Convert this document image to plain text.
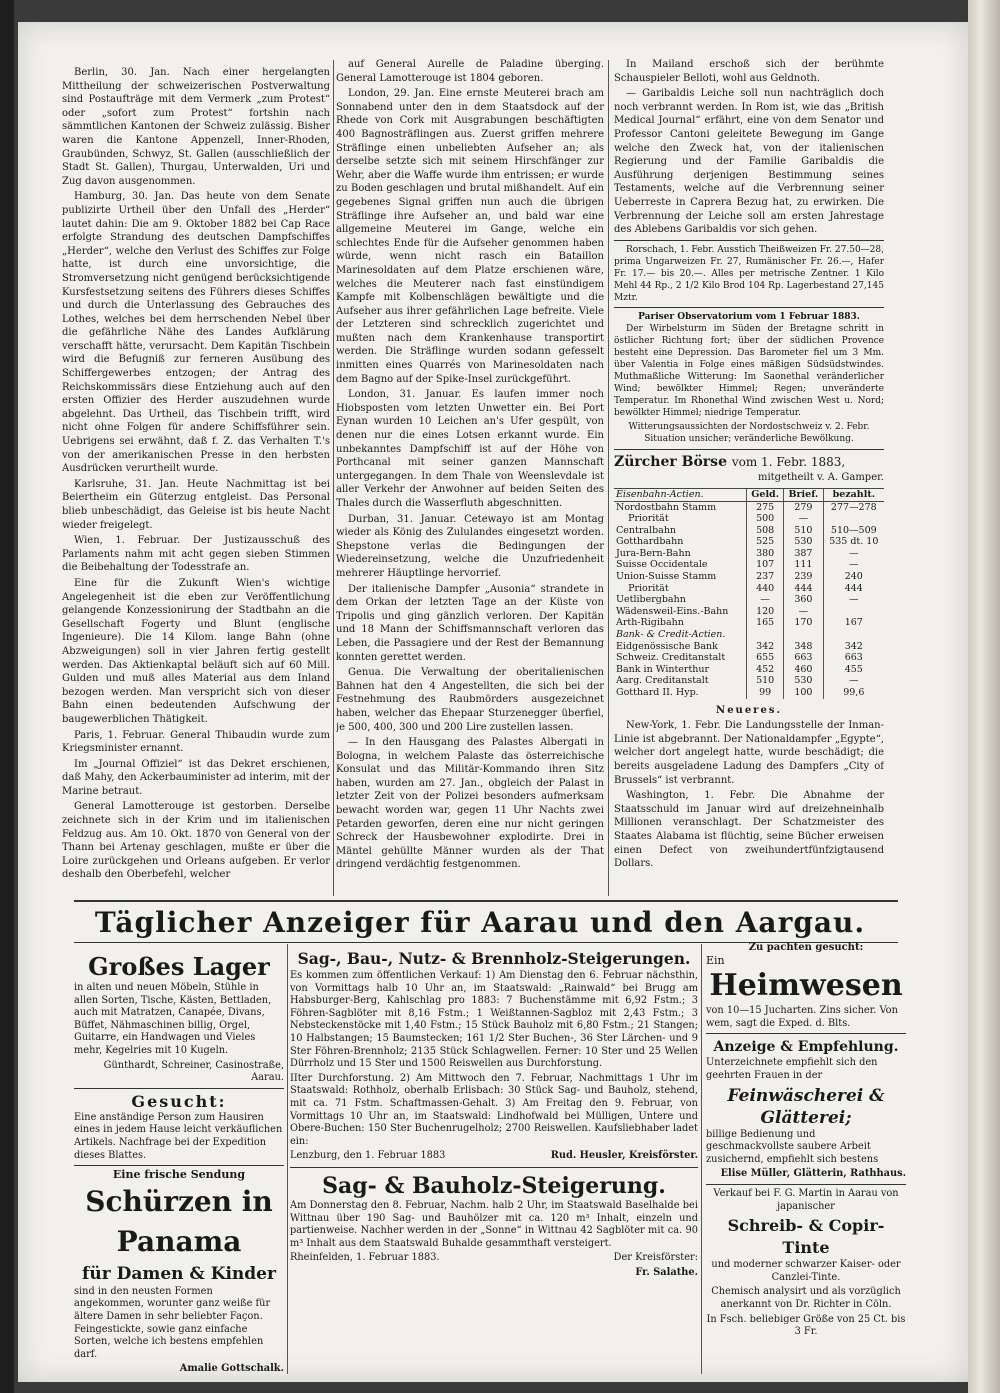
Berlin, 30. Jan. Nach einer hergelangten Mittheilung der schweizerischen Postverwaltung sind Postaufträge mit dem Vermerk „zum Protest“ oder „sofort zum Protest“ fortshin nach sämmtlichen Kantonen der Schweiz zulässig. Bisher waren die Kantone Appenzell, Inner-Rhoden, Graubünden, Schwyz, St. Gallen (ausschließlich der Stadt St. Gallen), Thurgau, Unterwalden, Uri und Zug davon ausgenommen.

Hamburg, 30. Jan. Das heute von dem Senate publizirte Urtheil über den Unfall des „Herder“ lautet dahin: Die am 9. Oktober 1882 bei Cap Race erfolgte Strandung des deutschen Dampfschiffes „Herder“, welche den Verlust des Schiffes zur Folge hatte, ist durch eine unvorsichtige, die Stromversetzung nicht genügend berücksichtigende Kursfestsetzung seitens des Führers dieses Schiffes und durch die Unterlassung des Gebrauches des Lothes, welches bei dem herrschenden Nebel über die gefährliche Nähe des Landes Aufklärung verschafft hätte, verursacht. Dem Kapitän Tischbein wird die Befugniß zur ferneren Ausübung des Schiffergewerbes entzogen; der Antrag des Reichskommissärs diese Entziehung auch auf den ersten Offizier des Herder auszudehnen wurde abgelehnt. Das Urtheil, das Tischbein trifft, wird nicht ohne Folgen für andere Schiffsführer sein. Uebrigens sei erwähnt, daß f. Z. das Verhalten T.'s von der amerikanischen Presse in den herbsten Ausdrücken verurtheilt wurde.

Karlsruhe, 31. Jan. Heute Nachmittag ist bei Beiertheim ein Güterzug entgleist. Das Personal blieb unbeschädigt, das Geleise ist bis heute Nacht wieder freigelegt.

Wien, 1. Februar. Der Justizausschuß des Parlaments nahm mit acht gegen sieben Stimmen die Beibehaltung der Todesstrafe an.

Eine für die Zukunft Wien's wichtige Angelegenheit ist die eben zur Veröffentlichung gelangende Konzessionirung der Stadtbahn an die Gesellschaft Fogerty und Blunt (englische Ingenieure). Die 14 Kilom. lange Bahn (ohne Abzweigungen) soll in vier Jahren fertig gestellt werden. Das Aktienkaptal beläuft sich auf 60 Mill. Gulden und muß alles Material aus dem Inland bezogen werden. Man verspricht sich von dieser Bahn einen bedeutenden Aufschwung der baugewerblichen Thätigkeit.

Paris, 1. Februar. General Thibaudin wurde zum Kriegsminister ernannt.

Im „Journal Offiziel“ ist das Dekret erschienen, daß Mahy, den Ackerbauminister ad interim, mit der Marine betraut.

General Lamotterouge ist gestorben. Derselbe zeichnete sich in der Krim und im italienischen Feldzug aus. Am 10. Okt. 1870 von General von der Thann bei Artenay geschlagen, mußte er über die Loire zurückgehen und Orleans aufgeben. Er verlor deshalb den Oberbefehl, welcher

auf General Aurelle de Paladine überging. General Lamotterouge ist 1804 geboren.

London, 29. Jan. Eine ernste Meuterei brach am Sonnabend unter den in dem Staatsdock auf der Rhede von Cork mit Ausgrabungen beschäftigten 400 Bagnosträflingen aus. Zuerst griffen mehrere Sträflinge einen unbeliebten Aufseher an; als derselbe setzte sich mit seinem Hirschfänger zur Wehr, aber die Waffe wurde ihm entrissen; er wurde zu Boden geschlagen und brutal mißhandelt. Auf ein gegebenes Signal griffen nun auch die übrigen Sträflinge ihre Aufseher an, und bald war eine allgemeine Meuterei im Gange, welche ein schlechtes Ende für die Aufseher genommen haben würde, wenn nicht rasch ein Bataillon Marinesoldaten auf dem Platze erschienen wäre, welches die Meuterer nach fast einstündigem Kampfe mit Kolbenschlägen bewältigte und die Aufseher aus ihrer gefährlichen Lage befreite. Viele der Letzteren sind schrecklich zugerichtet und mußten nach dem Krankenhause transportirt werden. Die Sträflinge wurden sodann gefesselt inmitten eines Quarrés von Marinesoldaten nach dem Bagno auf der Spike-Insel zurückgeführt.

London, 31. Januar. Es laufen immer noch Hiobsposten vom letzten Unwetter ein. Bei Port Eynan wurden 10 Leichen an's Ufer gespült, von denen nur die eines Lotsen erkannt wurde. Ein unbekanntes Dampfschiff ist auf der Höhe von Porthcanal mit seiner ganzen Mannschaft untergegangen. In dem Thale von Weenslevdale ist aller Verkehr der Anwohner auf beiden Seiten des Thales durch die Wasserfluth abgeschnitten.

Durban, 31. Januar. Cetewayo ist am Montag wieder als König des Zululandes eingesetzt worden. Shepstone verlas die Bedingungen der Wiedereinsetzung, welche die Unzufriedenheit mehrerer Häuptlinge hervorrief.

Der italienische Dampfer „Ausonia“ strandete in dem Orkan der letzten Tage an der Küste von Tripolis und ging gänzlich verloren. Der Kapitän und 18 Mann der Schiffsmannschaft verloren das Leben, die Passagiere und der Rest der Bemannung konnten gerettet werden.

Genua. Die Verwaltung der oberitalienischen Bahnen hat den 4 Angestellten, die sich bei der Festnehmung des Raubmörders ausgezeichnet haben, welcher das Ehepaar Sturzenegger überfiel, je 500, 400, 300 und 200 Lire zustellen lassen.

— In den Hausgang des Palastes Albergati in Bologna, in welchem Palaste das österreichische Konsulat und das Militär-Kommando ihren Sitz haben, wurden am 27. Jan., obgleich der Palast in letzter Zeit von der Polizei besonders aufmerksam bewacht worden war, gegen 11 Uhr Nachts zwei Petarden geworfen, deren eine nur nicht geringen Schreck der Hausbewohner explodirte. Drei in Mäntel gehüllte Männer wurden als der That dringend verdächtig festgenommen.

In Mailand erschoß sich der berühmte Schauspieler Belloti, wohl aus Geldnoth.

— Garibaldis Leiche soll nun nachträglich doch noch verbrannt werden. In Rom ist, wie das „British Medical Journal“ erfährt, eine von dem Senator und Professor Cantoni geleitete Bewegung im Gange welche den Zweck hat, von der italienischen Regierung und der Familie Garibaldis die Ausführung derjenigen Bestimmung seines Testaments, welche auf die Verbrennung seiner Ueberreste in Caprera Bezug hat, zu erwirken. Die Verbrennung der Leiche soll am ersten Jahrestage des Ablebens Garibaldis vor sich gehen.

Rorschach, 1. Febr. Ausstich Theißweizen Fr. 27.50—28, prima Ungarweizen Fr. 27, Rumänischer Fr. 26.—, Hafer Fr. 17.— bis 20.—. Alles per metrische Zentner. 1 Kilo Mehl 44 Rp., 2 1/2 Kilo Brod 104 Rp. Lagerbestand 27,145 Mztr.

Pariser Observatorium vom 1 Februar 1883.

Der Wirbelsturm im Süden der Bretagne schritt in östlicher Richtung fort; über der südlichen Provence besteht eine Depression. Das Barometer fiel um 3 Mm. über Valentia in Folge eines mäßigen Südsüdstwindes. Muthmaßliche Witterung: Im Saonethal veränderlicher Wind; bewölkter Himmel; Regen; unveränderte Temperatur. Im Rhonethal Wind zwischen West u. Nord; bewölkter Himmel; niedrige Temperatur.

Witterungsaussichten der Nordostschweiz v. 2. Febr. Situation unsicher; veränderliche Bewölkung.
Zürcher Börse vom 1. Febr. 1883,
mitgetheilt v. A. Gamper.
Eisenbahn-Actien.	Geld.	Brief.	bezahlt.
Nordostbahn Stamm	275	279	277—278
Priorität	500	—	
Centralbahn	508	510	510—509
Gotthardbahn	525	530	535 dt. 10
Jura-Bern-Bahn	380	387	—
Suisse Occidentale	107	111	—
Union-Suisse Stamm	237	239	240
Priorität	440	444	444
Uetlibergbahn	—	360	—
Wädensweil-Eins.-Bahn	120	—	
Arth-Rigibahn	165	170	167
Bank- & Credit-Actien.			
Eidgenössische Bank	342	348	342
Schweiz. Creditanstalt	655	663	663
Bank in Winterthur	452	460	455
Aarg. Creditanstalt	510	530	—
Gotthard II. Hyp.	99	100	99,6
Neueres.

New-York, 1. Febr. Die Landungsstelle der Inman-Linie ist abgebrannt. Der Nationaldampfer „Egypte“, welcher dort angelegt hatte, wurde beschädigt; die bereits ausgeladene Ladung des Dampfers „City of Brussels“ ist verbrannt.

Washington, 1. Febr. Die Abnahme der Staatsschuld im Januar wird auf dreizehneinhalb Millionen veranschlagt. Der Schatzmeister des Staates Alabama ist flüchtig, seine Bücher erweisen einen Defect von zweihundertfünfzigtausend Dollars.

Täglicher Anzeiger für Aarau und den Aargau.
Großes Lager

in alten und neuen Möbeln, Stühle in allen Sorten, Tische, Kästen, Bettladen, auch mit Matratzen, Canapée, Divans, Büffet, Nähmaschinen billig, Orgel, Guitarre, ein Handwagen und Vieles mehr, Kegelries mit 10 Kugeln.

Günthardt, Schreiner, Casinostraße, Aarau.

Gesucht:

Eine anständige Person zum Hausiren eines in jedem Hause leicht verkäuflichen Artikels. Nachfrage bei der Expedition dieses Blattes.

Eine frische Sendung
Schürzen in Panama
für Damen & Kinder

sind in den neusten Formen angekommen, worunter ganz weiße für ältere Damen in sehr beliebter Façon. Feingestickte, sowie ganz einfache Sorten, welche ich bestens empfehlen darf.

Amalie Gottschalk.

Sag-, Bau-, Nutz- & Brennholz-Steigerungen.

Es kommen zum öffentlichen Verkauf: 1) Am Dienstag den 6. Februar nächsthin, von Vormittags halb 10 Uhr an, im Staatswald: „Rainwald“ bei Brugg am Habsburger-Berg, Kahlschlag pro 1883: 7 Buchenstämme mit 6,92 Fstm.; 3 Föhren-Sagblöter mit 8,16 Fstm.; 1 Weißtannen-Sagbloz mit 2,43 Fstm.; 3 Nebsteckenstöcke mit 1,40 Fstm.; 15 Stück Bauholz mit 6,80 Fstm.; 21 Stangen; 10 Halbstangen; 15 Baumstecken; 161 1/2 Ster Buchen-, 36 Ster Lärchen- und 9 Ster Föhren-Brennholz; 2135 Stück Schlagwellen. Ferner: 10 Ster und 25 Wellen Dürrholz und 15 Ster und 1500 Reiswellen aus Durchforstung.

IIter Durchforstung. 2) Am Mittwoch den 7. Februar, Nachmittags 1 Uhr im Staatswald: Rothholz, oberhalb Erlisbach: 30 Stück Sag- und Bauholz, stehend, mit ca. 71 Fstm. Schaftmassen-Gehalt. 3) Am Freitag den 9. Februar, von Vormittags 10 Uhr an, im Staatswald: Lindhofwald bei Mülligen, Untere und Obere-Buchen: 150 Ster Buchenrugelholz; 2700 Reiswellen. Kaufsliebhaber ladet ein:

Lenzburg, den 1. Februar 1883	Rud. Heusler, Kreisförster.

Sag- & Bauholz-Steigerung.

Am Donnerstag den 8. Februar, Nachm. halb 2 Uhr, im Staatswald Baselhalde bei Wittnau über 190 Sag- und Bauhölzer mit ca. 120 m³ Inhalt, einzeln und partienweise. Nachher werden in der „Sonne“ in Wittnau 42 Sagblöter mit ca. 90 m³ Inhalt aus dem Staatswald Buhalde gesammthaft versteigert.

Rheinfelden, 1. Februar 1883.	Der Kreisförster:

Fr. Salathe.

Zu pachten gesucht:
Ein
Heimwesen

von 10—15 Jucharten. Zins sicher. Von wem, sagt die Exped. d. Blts.

Anzeige & Empfehlung.

Unterzeichnete empfiehlt sich den geehrten Frauen in der

Feinwäscherei & Glätterei;

billige Bedienung und geschmackvollste saubere Arbeit zusichernd, empfiehlt sich bestens

Elise Müller, Glätterin, Rathhaus.

Verkauf bei F. G. Martin in Aarau von japanischer

Schreib- & Copir-Tinte

und moderner schwarzer Kaiser- oder Canzlei-Tinte.

Chemisch analysirt und als vorzüglich anerkannt von Dr. Richter in Cöln.

In Fsch. beliebiger Größe von 25 Ct. bis 3 Fr.
